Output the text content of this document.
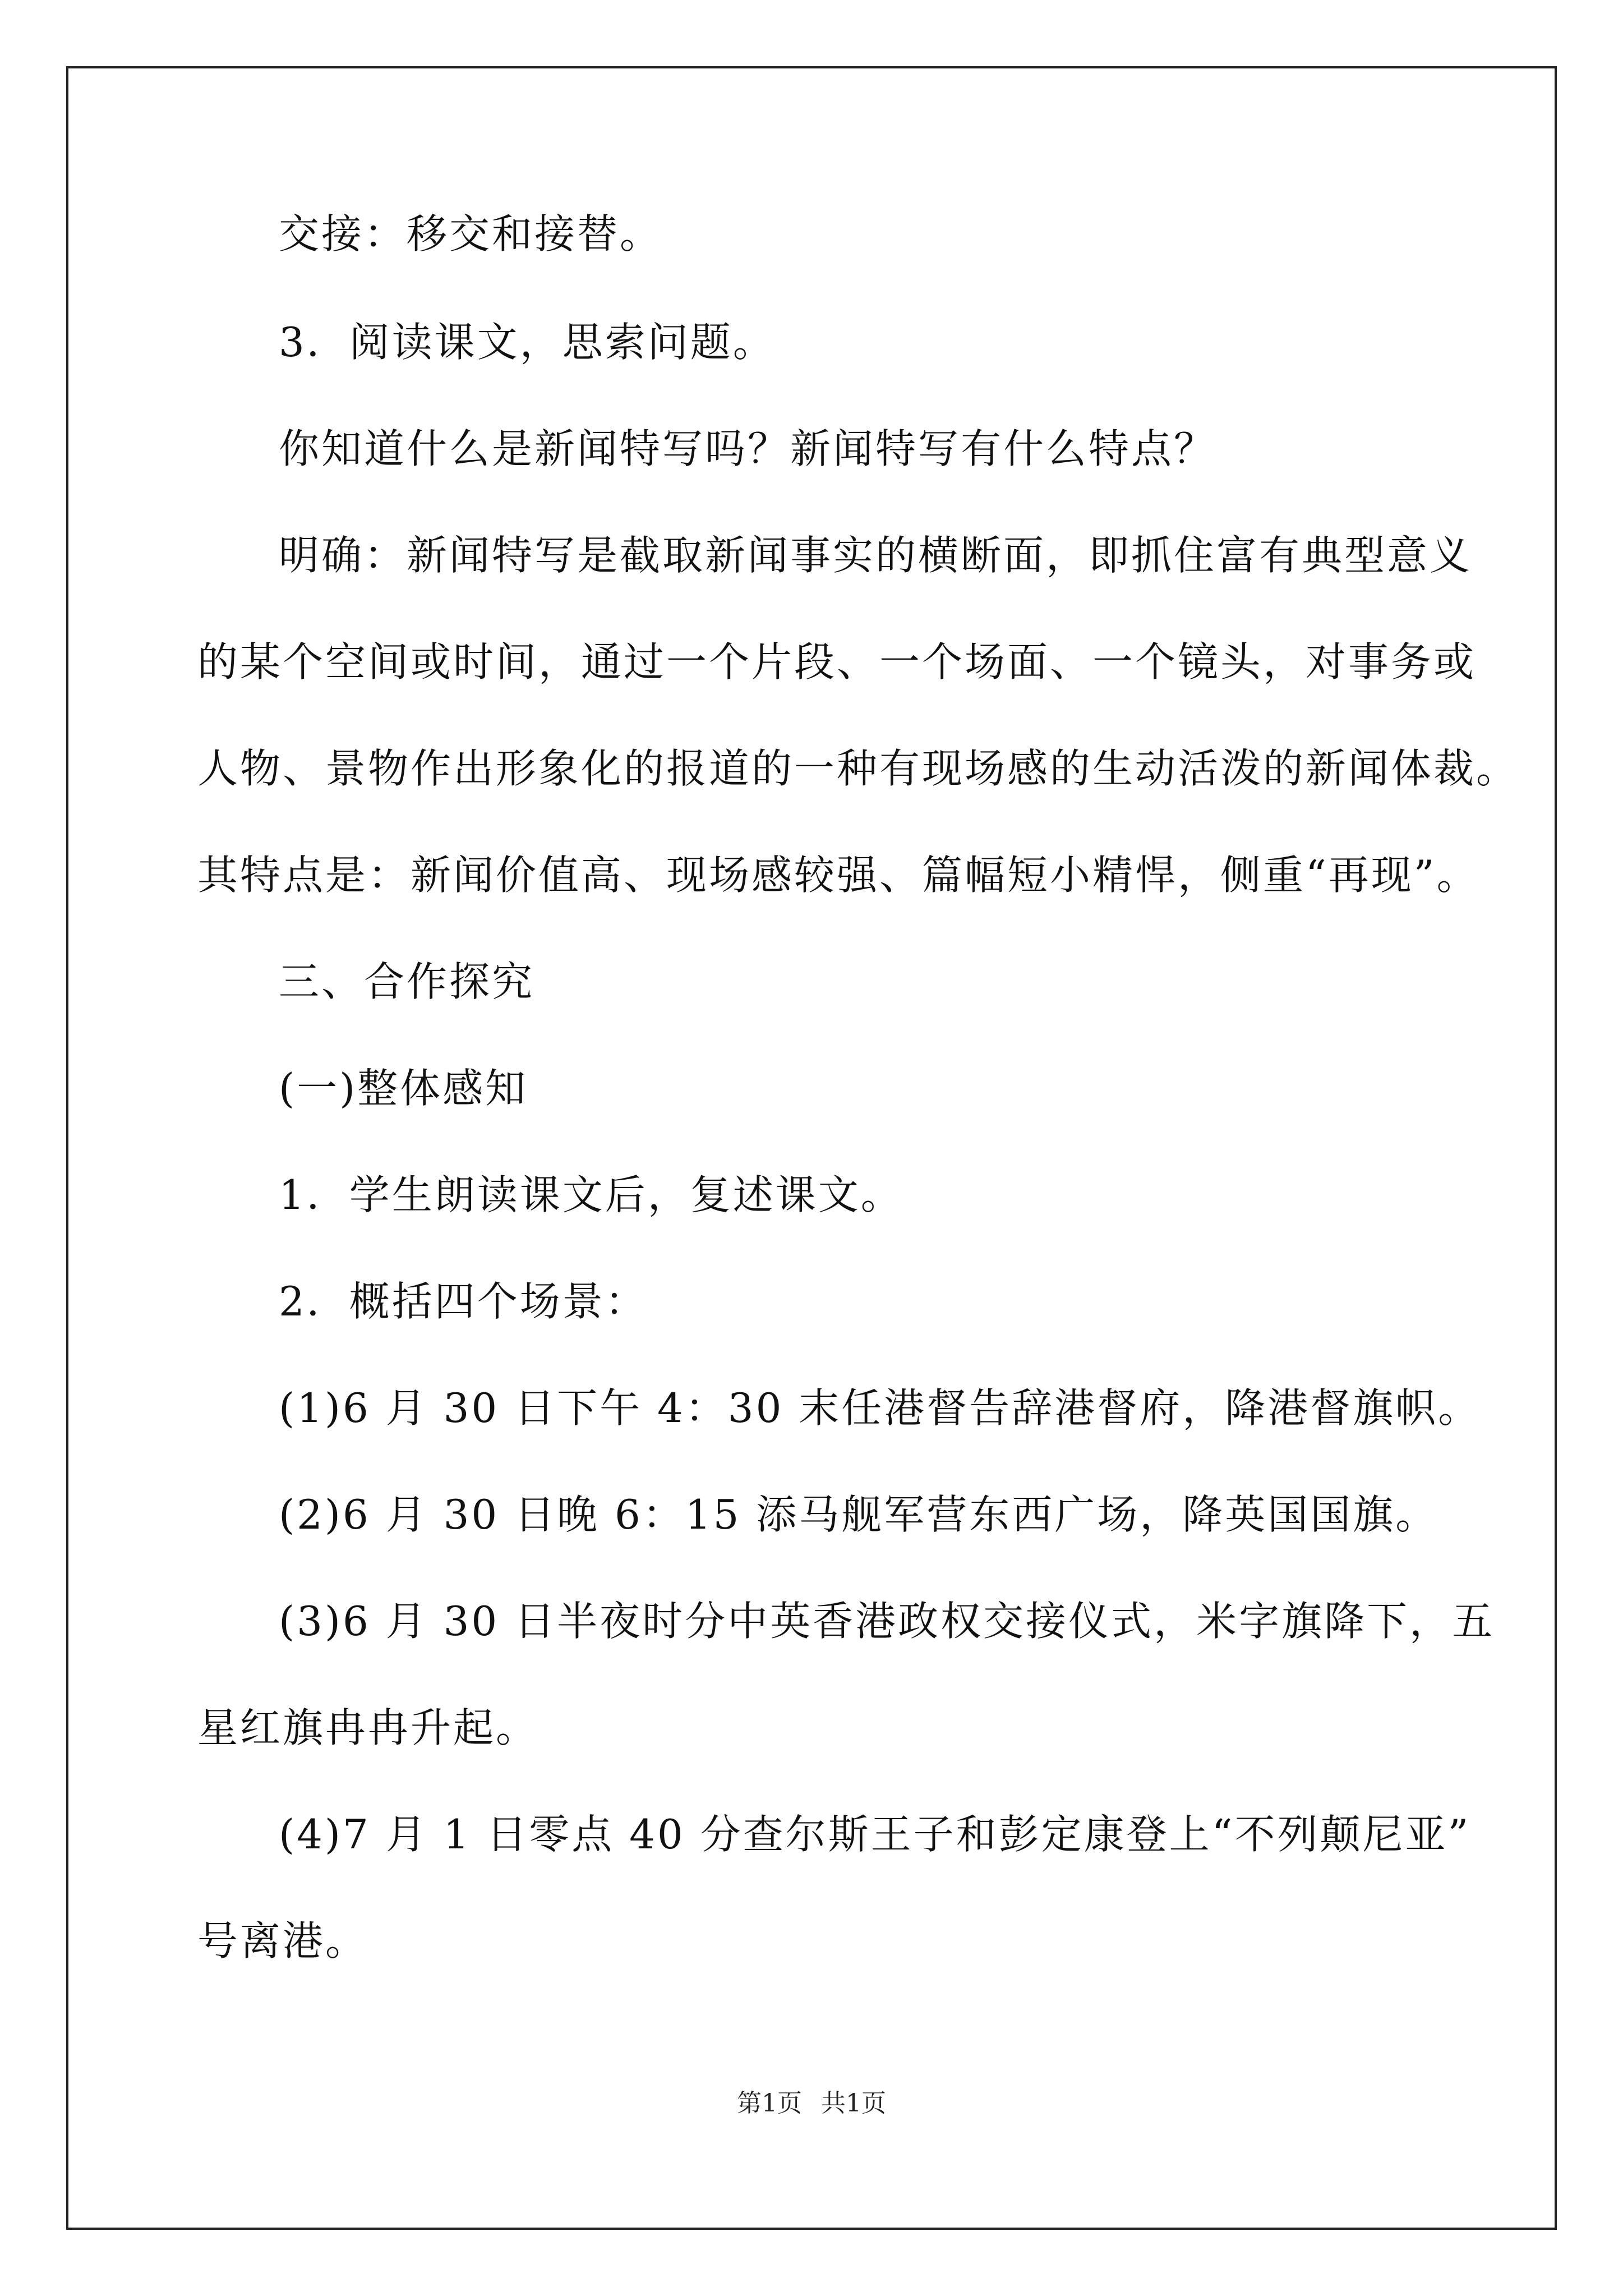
交接：移交和接替。
3．阅读课文，思索问题。
你知道什么是新闻特写吗？新闻特写有什么特点？
明确：新闻特写是截取新闻事实的横断面，即抓住富有典型意义
的某个空间或时间，通过一个片段、一个场面、一个镜头，对事务或
人物、景物作出形象化的报道的一种有现场感的生动活泼的新闻体裁。
其特点是：新闻价值高、现场感较强、篇幅短小精悍，侧重“再现”。
三、合作探究
(一)整体感知
1．学生朗读课文后，复述课文。
2．概括四个场景：
(1)6 月 30 日下午 4：30 末任港督告辞港督府，降港督旗帜。
(2)6 月 30 日晚 6：15 添马舰军营东西广场，降英国国旗。
(3)6 月 30 日半夜时分中英香港政权交接仪式，米字旗降下，五
星红旗冉冉升起。
(4)7 月 1 日零点 40 分查尔斯王子和彭定康登上“不列颠尼亚”
号离港。
第1页 共1页
